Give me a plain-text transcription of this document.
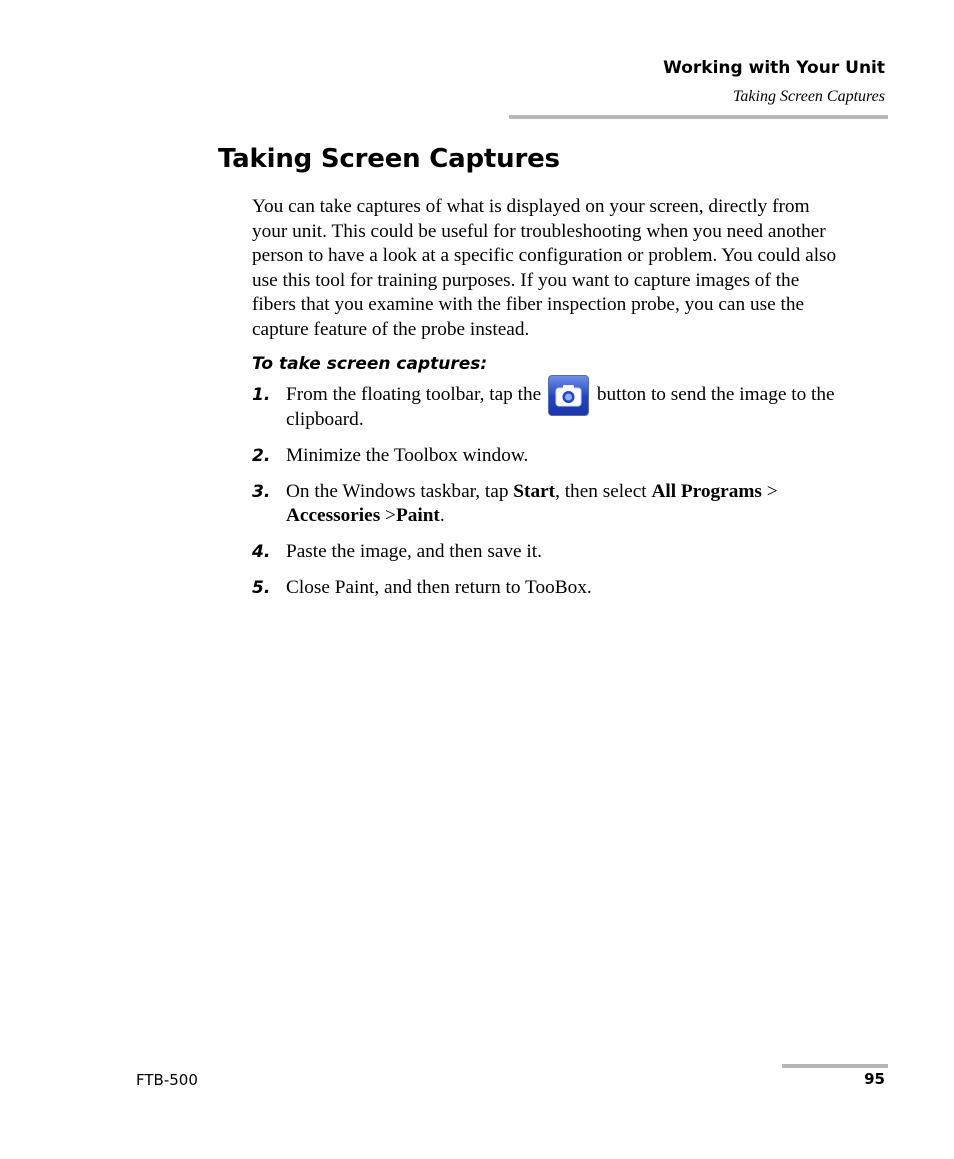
Working with Your Unit
Taking Screen Captures
Taking Screen Captures
You can take captures of what is displayed on your screen, directly from
your unit. This could be useful for troubleshooting when you need another
person to have a look at a specific configuration or problem. You could also
use this tool for training purposes. If you want to capture images of the
fibers that you examine with the fiber inspection probe, you can use the
capture feature of the probe instead.
To take screen captures:
1. From the floating toolbar, tap the	button to send the image to the
clipboard.
2. Minimize the Toolbox window.
3. On the Windows taskbar, tap Start, then select All Programs >
Accessories >Paint.
4. Paste the image, and then save it.
5. Close Paint, and then return to TooBox.
FTB-500	95
